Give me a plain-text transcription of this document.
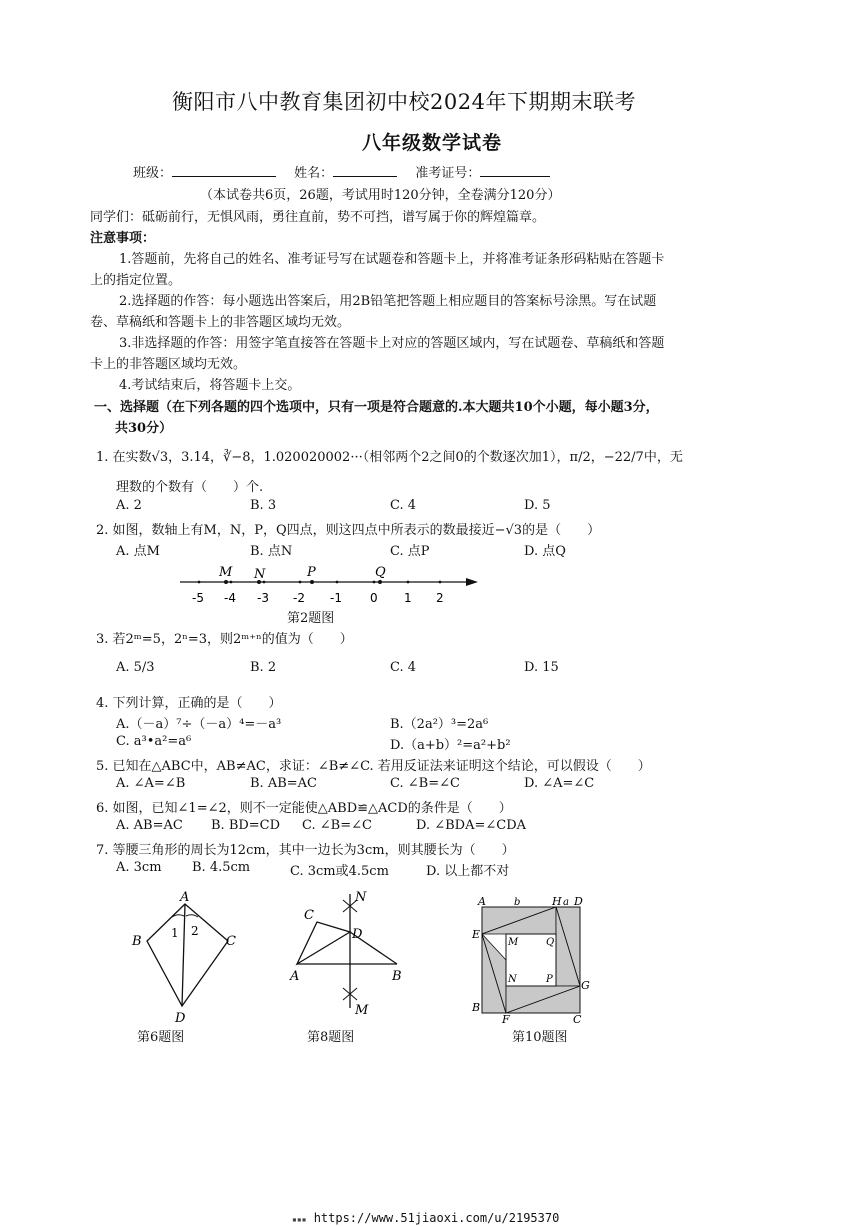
衡阳市八中教育集团初中校2024年下期期末联考
八年级数学试卷
班级：	姓名：	准考证号：
（本试卷共6页，26题，考试用时120分钟，全卷满分120分）
同学们：砥砺前行，无惧风雨，勇往直前，势不可挡，谱写属于你的辉煌篇章。
注意事项：
1.答题前，先将自己的姓名、准考证号写在试题卷和答题卡上，并将准考证条形码粘贴在答题卡
上的指定位置。
2.选择题的作答：每小题选出答案后，用2B铅笔把答题上相应题目的答案标号涂黑。写在试题
卷、草稿纸和答题卡上的非答题区域均无效。
3.非选择题的作答：用签字笔直接答在答题卡上对应的答题区域内，写在试题卷、草稿纸和答题
卡上的非答题区域均无效。
4.考试结束后，将答题卡上交。
一、选择题（在下列各题的四个选项中，只有一项是符合题意的.本大题共10个小题，每小题3分，
共30分）
1. 在实数√3，3.14，∛−8，1.020020002···（相邻两个2之间0的个数逐次加1），π/2，−22/7中，无
理数的个数有（　　）个.
A. 2	B. 3	C. 4	D. 5
2. 如图，数轴上有M，N，P，Q四点，则这四点中所表示的数最接近−√3的是（　　）
A. 点M	B. 点N	C. 点P	D. 点Q
M N	P	Q
-5 -4 -3 -2 -1 0 1 2
第2题图
3. 若2ᵐ=5，2ⁿ=3，则2ᵐ⁺ⁿ的值为（　　）
A. 5/3	B. 2	C. 4	D. 15
4. 下列计算，正确的是（　　）
A.（－a）⁷÷（－a）⁴=－a³	B.（2a²）³=2a⁶
C. a³•a²=a⁶	D.（a+b）²=a²+b²
5. 已知在△ABC中，AB≠AC，求证：∠B≠∠C. 若用反证法来证明这个结论，可以假设（　　）
A. ∠A=∠B	B. AB=AC	C. ∠B=∠C	D. ∠A=∠C
6. 如图，已知∠1=∠2，则不一定能使△ABD≌△ACD的条件是（　　）
A. AB=AC B. BD=CD C. ∠B=∠C	D. ∠BDA=∠CDA
7. 等腰三角形的周长为12cm，其中一边长为3cm，则其腰长为（　　）
A. 3cm B. 4.5cm	C. 3cm或4.5cm	D. 以上都不对
A
B	C
D
1 2
第6题图
N
C
D
A	B
M
第8题图
A	b	H a D
E
M	Q
N	P	G
B
F	C
第10题图
▪▪▪ https://www.51jiaoxi.com/u/2195370
